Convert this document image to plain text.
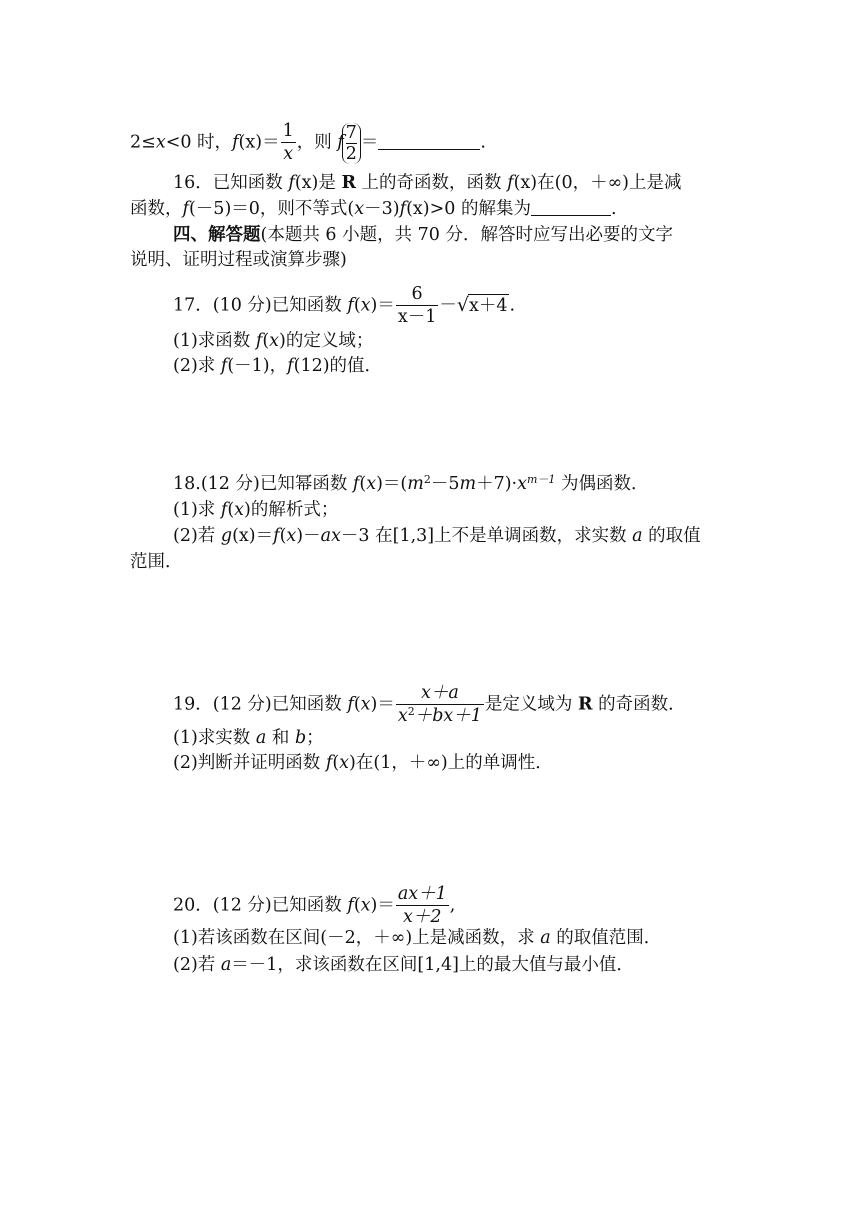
2≤x<0 时，$f(x)= \frac{1}{x}$ ，则 f
$\frac{7}{2}$ ＝	.
16．已知函数 f(x)是 R 上的奇函数，函数 f(x)在(0，＋∞)上是减
函数，f(－5)＝0，则不等式(x－3)f(x)>0 的解集为	.
四、解答题(本题共 6 小题，共 70 分．解答时应写出必要的文字
说明、证明过程或演算步骤)
17．(10 分)已知函数 $f(x)= \frac{6}{x-1} -√x+4$ .
(1)求函数 f(x)的定义域；
(2)求 f(－1)，f(12)的值．
18.(12 分)已知幂函数 $f(x)=(m^2-5m+7)\cdot x^{m-1}$ 为偶函数．
(1)求 f(x)的解析式；
(2)若 g(x)＝f(x)－ax－3 在[1,3]上不是单调函数，求实数 a 的取值
范围．
19．(12 分)已知函数 $f(x)= \frac{x+a}{x^2+bx+1}$ 是定义域为 R 的奇函数．
(1)求实数 a 和 b；
(2)判断并证明函数 f(x)在(1，＋∞)上的单调性．
20．(12 分)已知函数 $f(x)= \frac{ax+1}{x+2}$ ,
(1)若该函数在区间(－2，＋∞)上是减函数，求 a 的取值范围．
(2)若 a＝－1，求该函数在区间[1,4]上的最大值与最小值．
